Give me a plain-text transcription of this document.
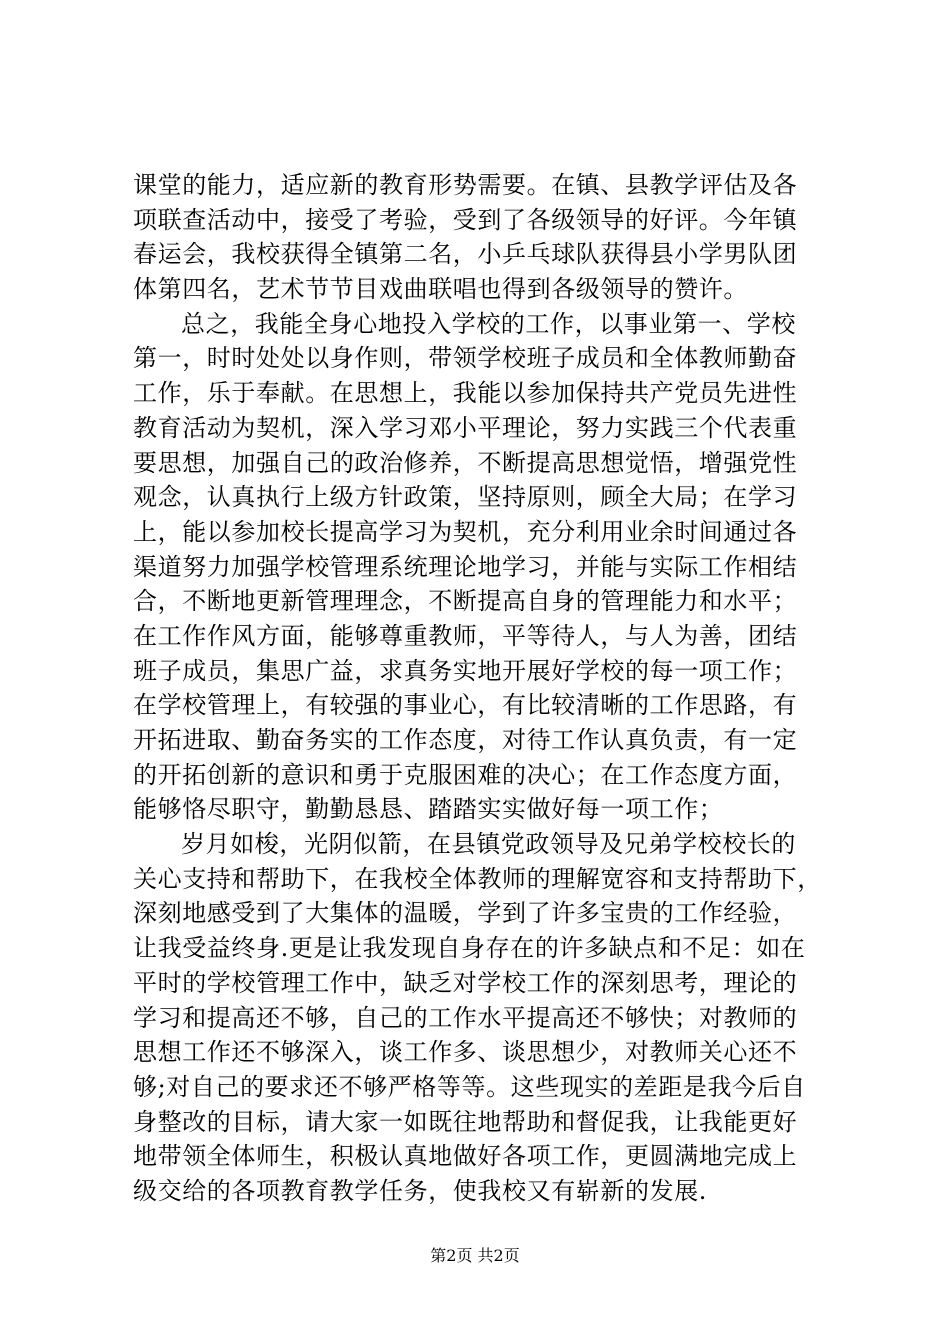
课堂的能力，适应新的教育形势需要。在镇、县教学评估及各
项联查活动中，接受了考验，受到了各级领导的好评。今年镇
春运会，我校获得全镇第二名，小乒乓球队获得县小学男队团
体第四名，艺术节节目戏曲联唱也得到各级领导的赞许。
总之，我能全身心地投入学校的工作，以事业第一、学校
第一，时时处处以身作则，带领学校班子成员和全体教师勤奋
工作，乐于奉献。在思想上，我能以参加保持共产党员先进性
教育活动为契机，深入学习邓小平理论，努力实践三个代表重
要思想，加强自己的政治修养，不断提高思想觉悟，增强党性
观念，认真执行上级方针政策，坚持原则，顾全大局；在学习
上，能以参加校长提高学习为契机，充分利用业余时间通过各
渠道努力加强学校管理系统理论地学习，并能与实际工作相结
合，不断地更新管理理念，不断提高自身的管理能力和水平；
在工作作风方面，能够尊重教师，平等待人，与人为善，团结
班子成员，集思广益，求真务实地开展好学校的每一项工作；
在学校管理上，有较强的事业心，有比较清晰的工作思路，有
开拓进取、勤奋务实的工作态度，对待工作认真负责，有一定
的开拓创新的意识和勇于克服困难的决心；在工作态度方面，
能够恪尽职守，勤勤恳恳、踏踏实实做好每一项工作；
岁月如梭，光阴似箭，在县镇党政领导及兄弟学校校长的
关心支持和帮助下，在我校全体教师的理解宽容和支持帮助下，
深刻地感受到了大集体的温暖，学到了许多宝贵的工作经验，
让我受益终身.更是让我发现自身存在的许多缺点和不足：如在
平时的学校管理工作中，缺乏对学校工作的深刻思考，理论的
学习和提高还不够，自己的工作水平提高还不够快；对教师的
思想工作还不够深入，谈工作多、谈思想少，对教师关心还不
够;对自己的要求还不够严格等等。这些现实的差距是我今后自
身整改的目标，请大家一如既往地帮助和督促我，让我能更好
地带领全体师生，积极认真地做好各项工作，更圆满地完成上
级交给的各项教育教学任务，使我校又有崭新的发展.
第2页 共2页
